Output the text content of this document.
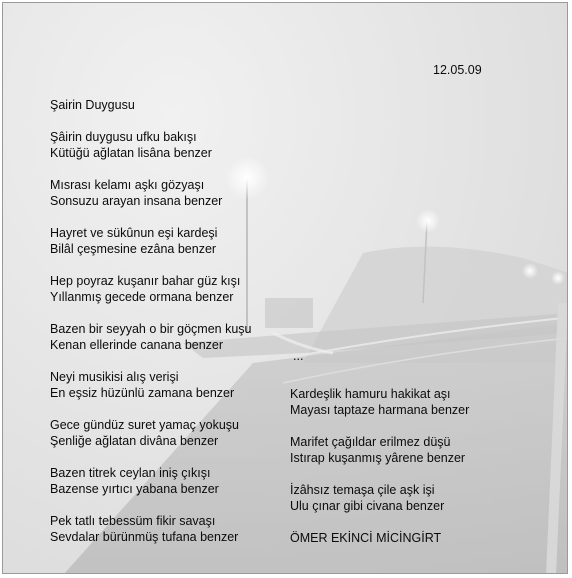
12.05.09
Şairin Duygusu
Şâirin duygusu ufku bakışı
Kütüğü ağlatan lisâna benzer
Mısrası kelamı aşkı gözyaşı
Sonsuzu arayan insana benzer
Hayret ve sükûnun eşi kardeşi
Bilâl çeşmesine ezâna benzer
Hep poyraz kuşanır bahar güz kışı
Yıllanmış gecede ormana benzer
Bazen bir seyyah o bir göçmen kuşu
Kenan ellerinde canana benzer
Neyi musikisi alış verişi
En eşsiz hüzünlü zamana benzer
Gece gündüz suret yamaç yokuşu
Şenliğe ağlatan divâna benzer
Bazen titrek ceylan iniş çıkışı
Bazense yırtıcı yabana benzer
Pek tatlı tebessüm fikir savaşı
Sevdalar bürünmüş tufana benzer
...
Kardeşlik hamuru hakikat aşı
Mayası taptaze harmana benzer
Marifet çağıldar erilmez düşü
Istırap kuşanmış yârene benzer
İzâhsız temaşa çile aşk işi
Ulu çınar gibi civana benzer
ÖMER EKİNCİ MİCİNGİRT
